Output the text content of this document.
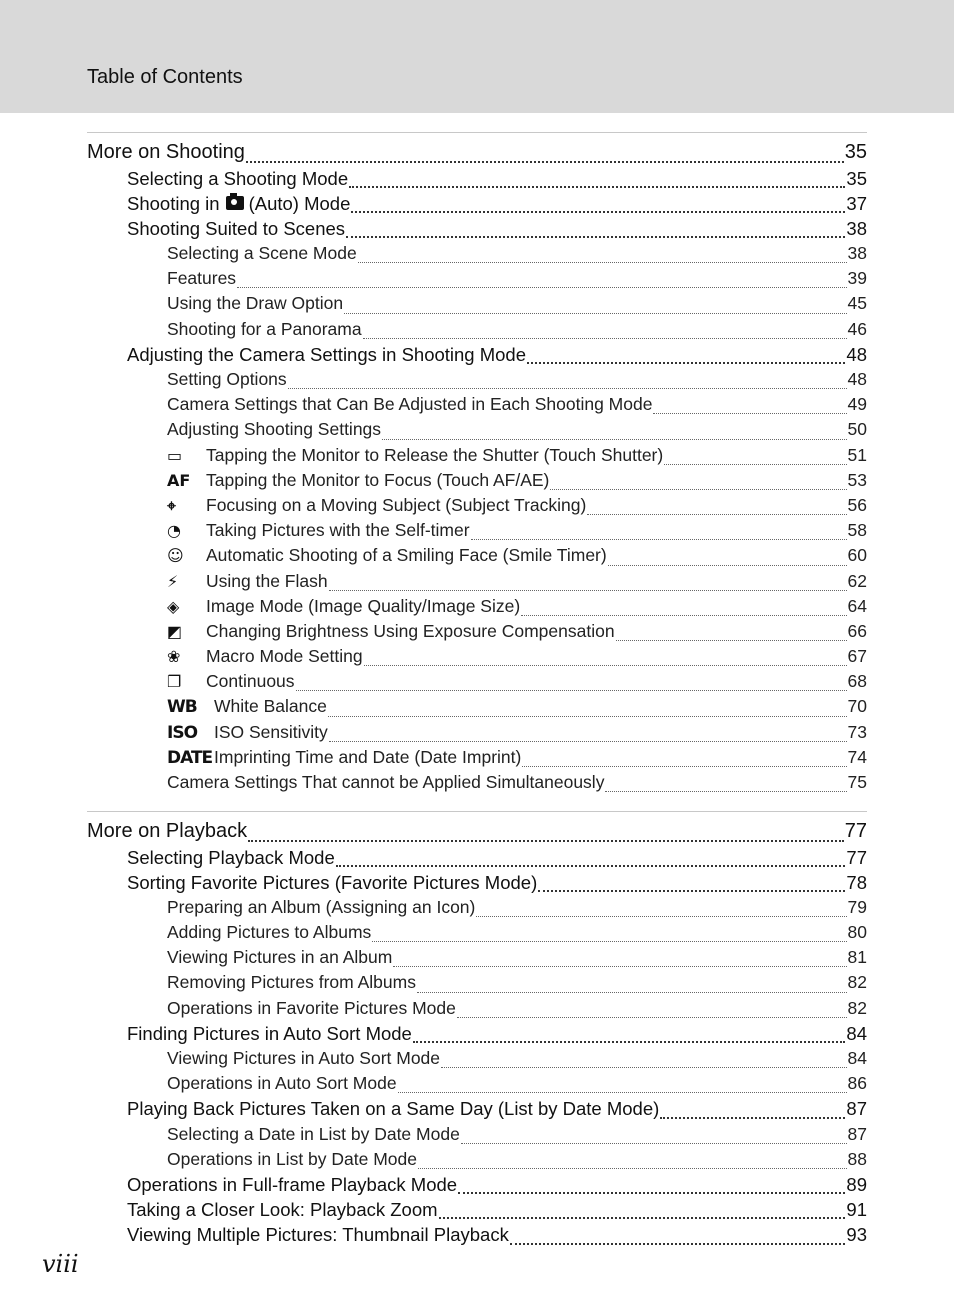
Table of Contents
More on Shooting	35
Selecting a Shooting Mode	35
Shooting in (Auto) Mode	37
Shooting Suited to Scenes	38
Selecting a Scene Mode	38
Features	39
Using the Draw Option	45
Shooting for a Panorama	46
Adjusting the Camera Settings in Shooting Mode	48
Setting Options	48
Camera Settings that Can Be Adjusted in Each Shooting Mode	49
Adjusting Shooting Settings	50
▭	Tapping the Monitor to Release the Shutter (Touch Shutter)	51
AF Tapping the Monitor to Focus (Touch AF/AE)	53
⌖	Focusing on a Moving Subject (Subject Tracking)	56
◔	Taking Pictures with the Self-timer	58
☺	Automatic Shooting of a Smiling Face (Smile Timer)	60
⚡	Using the Flash	62
◈	Image Mode (Image Quality/Image Size)	64
◩	Changing Brightness Using Exposure Compensation	66
❀	Macro Mode Setting	67
❐	Continuous	68
WB White Balance	70
ISO ISO Sensitivity	73
DATE Imprinting Time and Date (Date Imprint)	74
Camera Settings That cannot be Applied Simultaneously	75
More on Playback	77
Selecting Playback Mode	77
Sorting Favorite Pictures (Favorite Pictures Mode)	78
Preparing an Album (Assigning an Icon)	79
Adding Pictures to Albums	80
Viewing Pictures in an Album	81
Removing Pictures from Albums	82
Operations in Favorite Pictures Mode	82
Finding Pictures in Auto Sort Mode	84
Viewing Pictures in Auto Sort Mode	84
Operations in Auto Sort Mode	86
Playing Back Pictures Taken on a Same Day (List by Date Mode)	87
Selecting a Date in List by Date Mode	87
Operations in List by Date Mode	88
Operations in Full-frame Playback Mode	89
Taking a Closer Look: Playback Zoom	91
Viewing Multiple Pictures: Thumbnail Playback	93
viii
